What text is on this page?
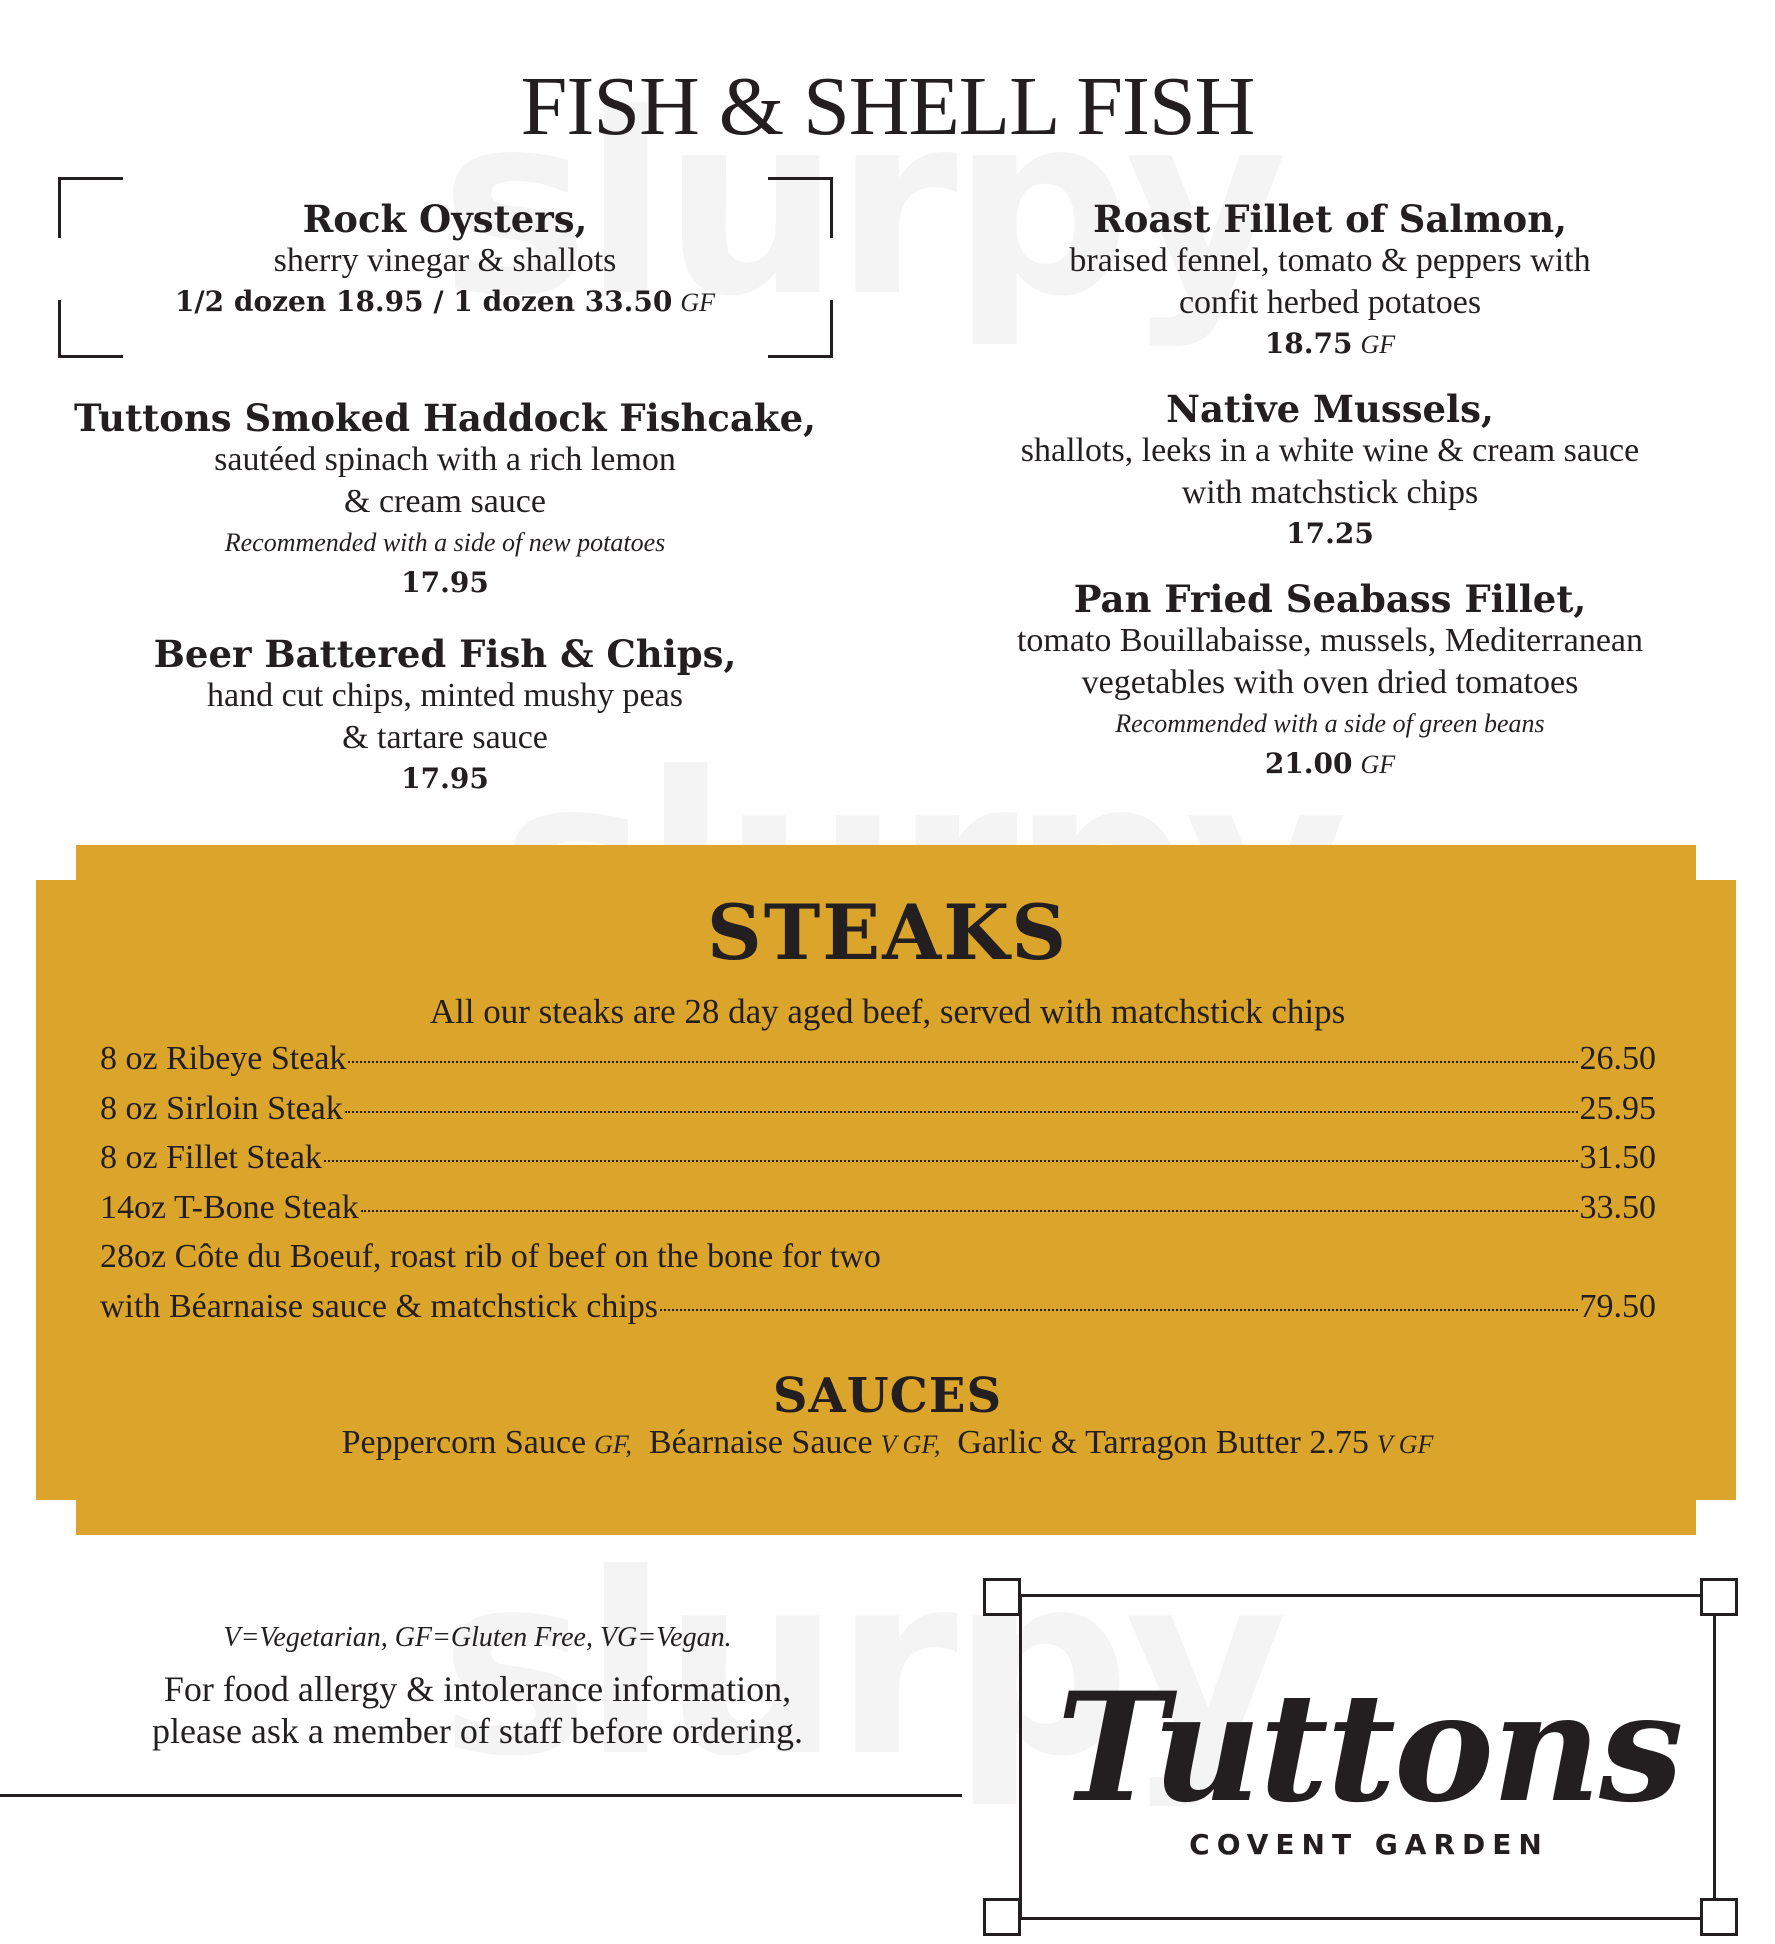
FISH & SHELL FISH
Rock Oysters,
sherry vinegar & shallots
1/2 dozen 18.95 / 1 dozen 33.50 GF
Tuttons Smoked Haddock Fishcake,
sautéed spinach with a rich lemon
& cream sauce
Recommended with a side of new potatoes
17.95
Beer Battered Fish & Chips,
hand cut chips, minted mushy peas
& tartare sauce
17.95
Roast Fillet of Salmon,
braised fennel, tomato & peppers with
confit herbed potatoes
18.75 GF
Native Mussels,
shallots, leeks in a white wine & cream sauce
with matchstick chips
17.25
Pan Fried Seabass Fillet,
tomato Bouillabaisse, mussels, Mediterranean
vegetables with oven dried tomatoes
Recommended with a side of green beans
21.00 GF
STEAKS
All our steaks are 28 day aged beef, served with matchstick chips
8 oz Ribeye Steak	26.50
8 oz Sirloin Steak	25.95
8 oz Fillet Steak	31.50
14oz T-Bone Steak	33.50
28oz Côte du Boeuf, roast rib of beef on the bone for two
with Béarnaise sauce & matchstick chips	79.50
SAUCES
Peppercorn Sauce GF, Béarnaise Sauce V GF, Garlic & Tarragon Butter 2.75 V GF
V=Vegetarian, GF=Gluten Free, VG=Vegan.
For food allergy & intolerance information,
please ask a member of staff before ordering.	Tuttons
COVENT GARDEN
